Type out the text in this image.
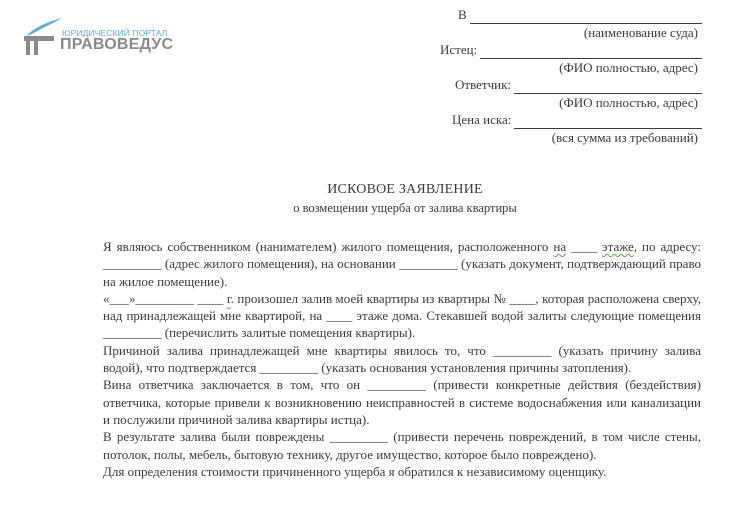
ЮРИДИЧЕСКИЙ ПОРТАЛ
ПРАВОВЕДУС
В
(наименование суда)
Истец:
(ФИО полностью, адрес)
Ответчик:
(ФИО полностью, адрес)
Цена иска:
(вся сумма из требований)
ИСКОВОЕ ЗАЯВЛЕНИЕ
о возмещении ущерба от залива квартиры

Я являюсь собственником (нанимателем) жилого помещения, расположенного на ____ этаже, по адресу: _________ (адрес жилого помещения), на основании _________ (указать документ, подтверждающий право на жилое помещение).

«___»_________ ____ г. произошел залив моей квартиры из квартиры № ____, которая расположена сверху, над принадлежащей мне квартирой, на ____ этаже дома. Стекавшей водой залиты следующие помещения _________ (перечислить залитые помещения квартиры).

Причиной залива принадлежащей мне квартиры явилось то, что _________ (указать причину залива водой), что подтверждается _________ (указать основания установления причины затопления).

Вина ответчика заключается в том, что он _________ (привести конкретные действия (бездействия) ответчика, которые привели к возникновению неисправностей в системе водоснабжения или канализации и послужили причиной залива квартиры истца).

В результате залива были повреждены _________ (привести перечень повреждений, в том числе стены, потолок, полы, мебель, бытовую технику, другое имущество, которое было повреждено).

Для определения стоимости причиненного ущерба я обратился к независимому оценщику.
